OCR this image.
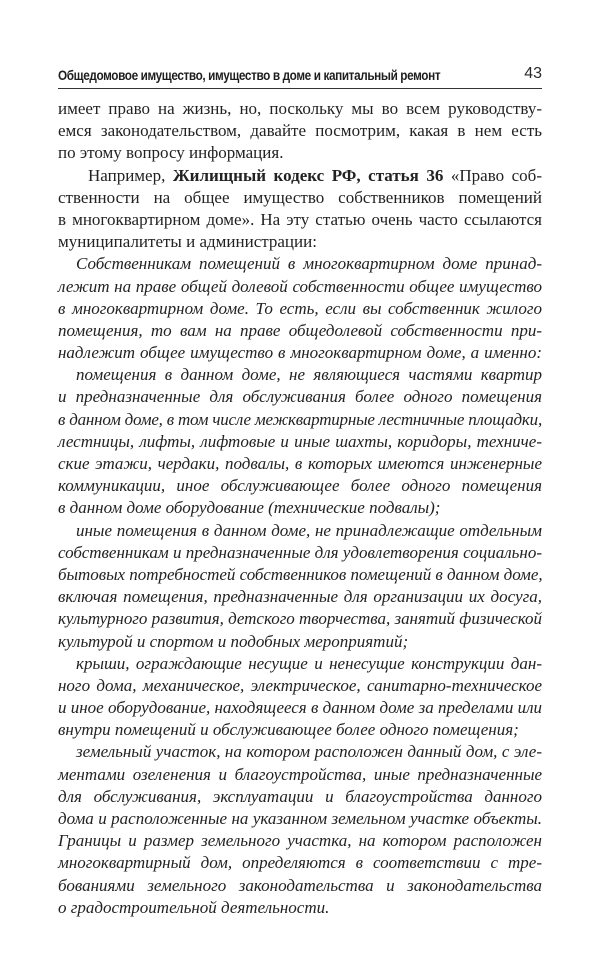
Общедомовое имущество, имущество в доме и капитальный ремонт	43
имеет право на жизнь, но, поскольку мы во всем руководству-
емся законодательством, давайте посмотрим, какая в нем есть
по этому вопросу информация.
Например, Жилищный кодекс РФ, статья 36 «Право соб-
ственности на общее имущество собственников помещений
в многоквартирном доме». На эту статью очень часто ссылаются
муниципалитеты и администрации:
Собственникам помещений в многоквартирном доме принад-
лежит на праве общей долевой собственности общее имущество
в многоквартирном доме. То есть, если вы собственник жилого
помещения, то вам на праве общедолевой собственности при-
надлежит общее имущество в многоквартирном доме, а именно:
помещения в данном доме, не являющиеся частями квартир
и предназначенные для обслуживания более одного помещения
в данном доме, в том числе межквартирные лестничные площадки,
лестницы, лифты, лифтовые и иные шахты, коридоры, техниче-
ские этажи, чердаки, подвалы, в которых имеются инженерные
коммуникации, иное обслуживающее более одного помещения
в данном доме оборудование (технические подвалы);
иные помещения в данном доме, не принадлежащие отдельным
собственникам и предназначенные для удовлетворения социально-
бытовых потребностей собственников помещений в данном доме,
включая помещения, предназначенные для организации их досуга,
культурного развития, детского творчества, занятий физической
культурой и спортом и подобных мероприятий;
крыши, ограждающие несущие и ненесущие конструкции дан-
ного дома, механическое, электрическое, санитарно-техническое
и иное оборудование, находящееся в данном доме за пределами или
внутри помещений и обслуживающее более одного помещения;
земельный участок, на котором расположен данный дом, с эле-
ментами озеленения и благоустройства, иные предназначенные
для обслуживания, эксплуатации и благоустройства данного
дома и расположенные на указанном земельном участке объекты.
Границы и размер земельного участка, на котором расположен
многоквартирный дом, определяются в соответствии с тре-
бованиями земельного законодательства и законодательства
о градостроительной деятельности.
